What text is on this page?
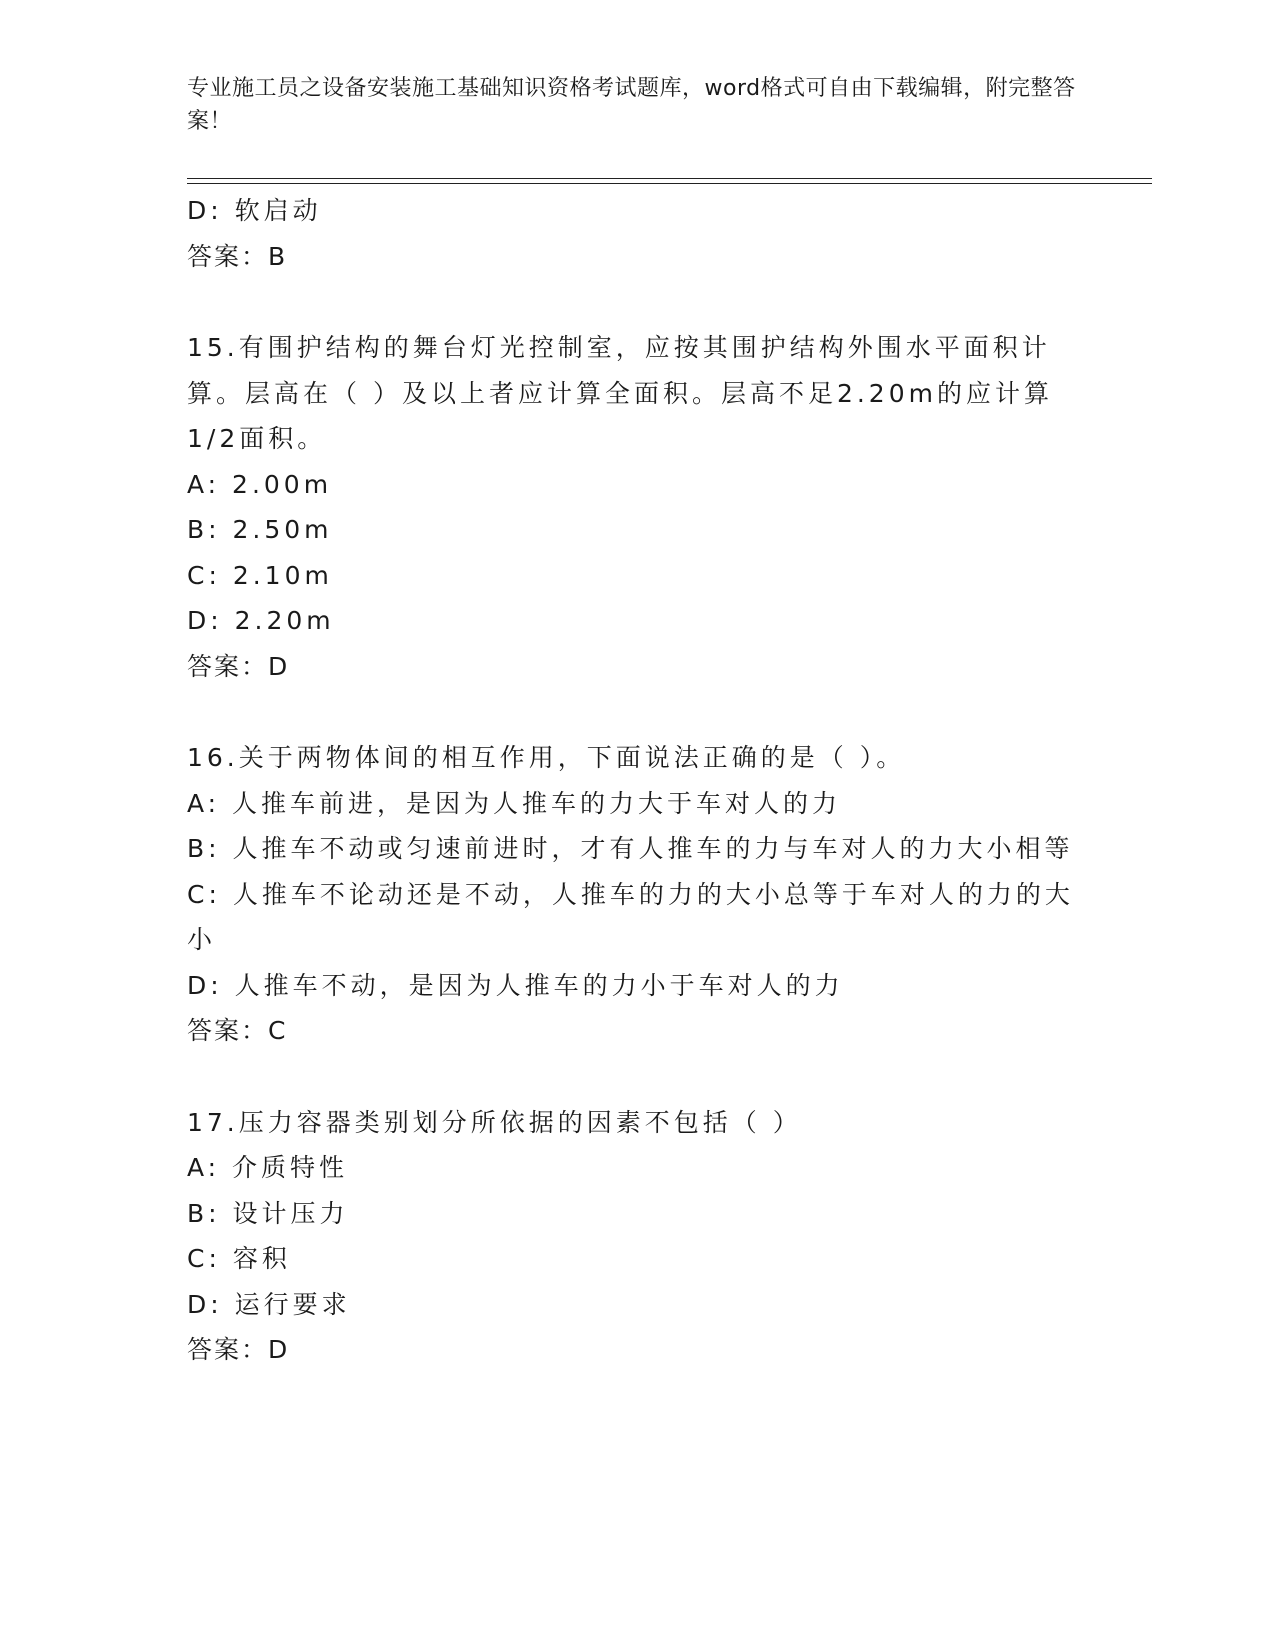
专业施工员之设备安装施工基础知识资格考试题库，word格式可自由下载编辑，附完整答案！
D: 软启动
答案：B
15.有围护结构的舞台灯光控制室，应按其围护结构外围水平面积计算。层高在（ ）及以上者应计算全面积。层高不足2.20m的应计算1/2面积。
A: 2.00m
B: 2.50m
C: 2.10m
D: 2.20m
答案：D
16.关于两物体间的相互作用，下面说法正确的是（ ）。
A: 人推车前进，是因为人推车的力大于车对人的力
B: 人推车不动或匀速前进时，才有人推车的力与车对人的力大小相等
C: 人推车不论动还是不动，人推车的力的大小总等于车对人的力的大小
D: 人推车不动，是因为人推车的力小于车对人的力
答案：C
17.压力容器类别划分所依据的因素不包括（ ）
A: 介质特性
B: 设计压力
C: 容积
D: 运行要求
答案：D
